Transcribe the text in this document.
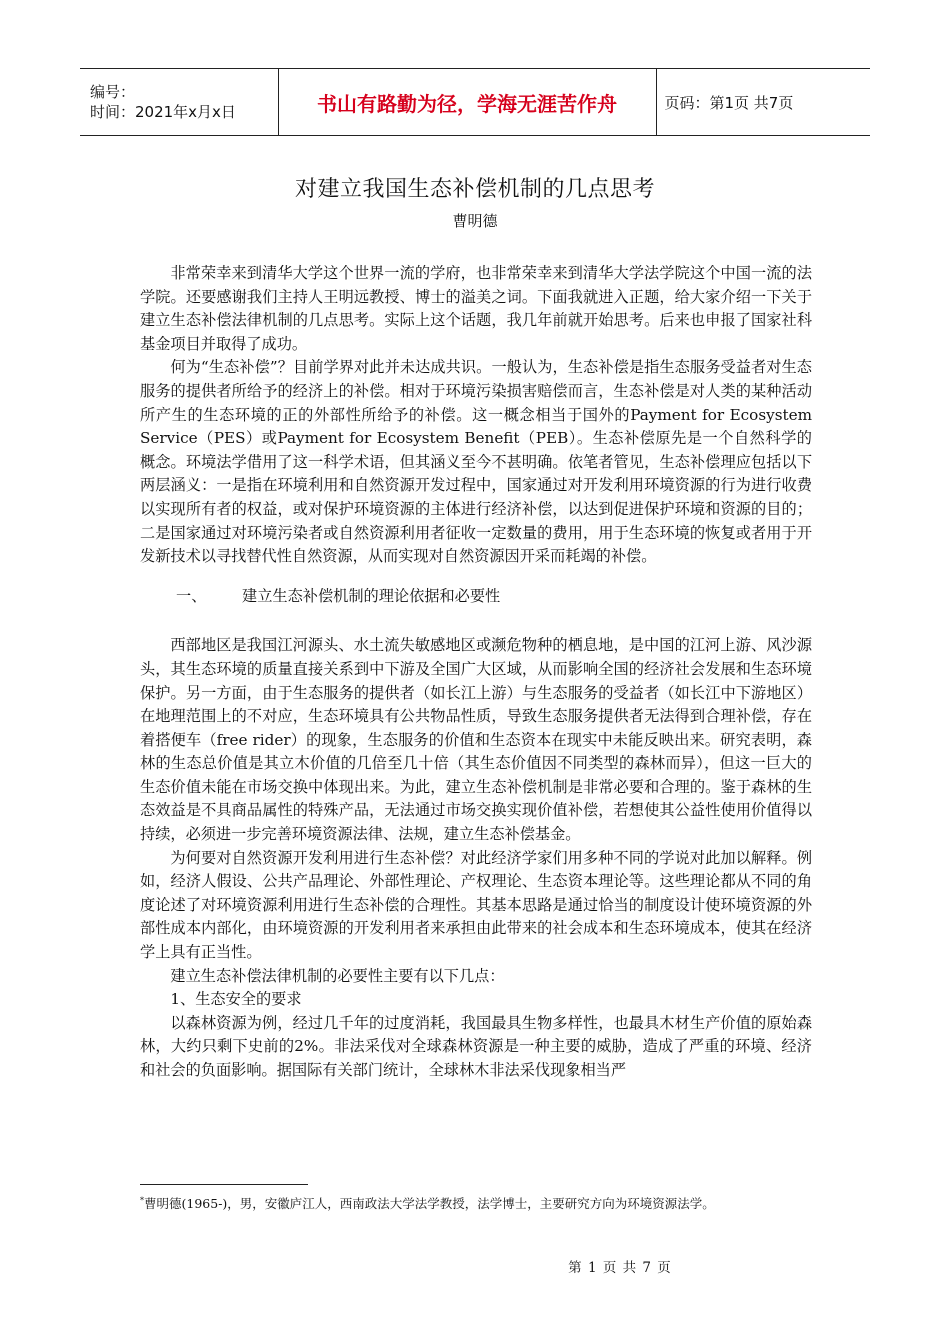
编号：
时间：2021年x月x日	书山有路勤为径，学海无涯苦作舟	页码：第1页 共7页
对建立我国生态补偿机制的几点思考
曹明德

非常荣幸来到清华大学这个世界一流的学府，也非常荣幸来到清华大学法学院这个中国一流的法学院。还要感谢我们主持人王明远教授、博士的溢美之词。下面我就进入正题，给大家介绍一下关于建立生态补偿法律机制的几点思考。实际上这个话题，我几年前就开始思考。后来也申报了国家社科基金项目并取得了成功。

何为“生态补偿”？目前学界对此并未达成共识。一般认为，生态补偿是指生态服务受益者对生态服务的提供者所给予的经济上的补偿。相对于环境污染损害赔偿而言，生态补偿是对人类的某种活动所产生的生态环境的正的外部性所给予的补偿。这一概念相当于国外的Payment for Ecosystem Service（PES）或Payment for Ecosystem Benefit（PEB）。生态补偿原先是一个自然科学的概念。环境法学借用了这一科学术语，但其涵义至今不甚明确。依笔者管见，生态补偿理应包括以下两层涵义：一是指在环境利用和自然资源开发过程中，国家通过对开发利用环境资源的行为进行收费以实现所有者的权益，或对保护环境资源的主体进行经济补偿，以达到促进保护环境和资源的目的；二是国家通过对环境污染者或自然资源利用者征收一定数量的费用，用于生态环境的恢复或者用于开发新技术以寻找替代性自然资源，从而实现对自然资源因开采而耗竭的补偿。

一、 建立生态补偿机制的理论依据和必要性

西部地区是我国江河源头、水土流失敏感地区或濒危物种的栖息地，是中国的江河上游、风沙源头，其生态环境的质量直接关系到中下游及全国广大区域，从而影响全国的经济社会发展和生态环境保护。另一方面，由于生态服务的提供者（如长江上游）与生态服务的受益者（如长江中下游地区）在地理范围上的不对应，生态环境具有公共物品性质，导致生态服务提供者无法得到合理补偿，存在着搭便车（free rider）的现象，生态服务的价值和生态资本在现实中未能反映出来。研究表明，森林的生态总价值是其立木价值的几倍至几十倍（其生态价值因不同类型的森林而异），但这一巨大的生态价值未能在市场交换中体现出来。为此，建立生态补偿机制是非常必要和合理的。鉴于森林的生态效益是不具商品属性的特殊产品，无法通过市场交换实现价值补偿，若想使其公益性使用价值得以持续，必须进一步完善环境资源法律、法规，建立生态补偿基金。

为何要对自然资源开发利用进行生态补偿？对此经济学家们用多种不同的学说对此加以解释。例如，经济人假设、公共产品理论、外部性理论、产权理论、生态资本理论等。这些理论都从不同的角度论述了对环境资源利用进行生态补偿的合理性。其基本思路是通过恰当的制度设计使环境资源的外部性成本内部化，由环境资源的开发利用者来承担由此带来的社会成本和生态环境成本，使其在经济学上具有正当性。

建立生态补偿法律机制的必要性主要有以下几点：

1、生态安全的要求

以森林资源为例，经过几千年的过度消耗，我国最具生物多样性，也最具木材生产价值的原始森林，大约只剩下史前的2%。非法采伐对全球森林资源是一种主要的威胁，造成了严重的环境、经济和社会的负面影响。据国际有关部门统计，全球林木非法采伐现象相当严

*曹明德(1965-)，男，安徽庐江人，西南政法大学法学教授，法学博士，主要研究方向为环境资源法学。
第 1 页 共 7 页
